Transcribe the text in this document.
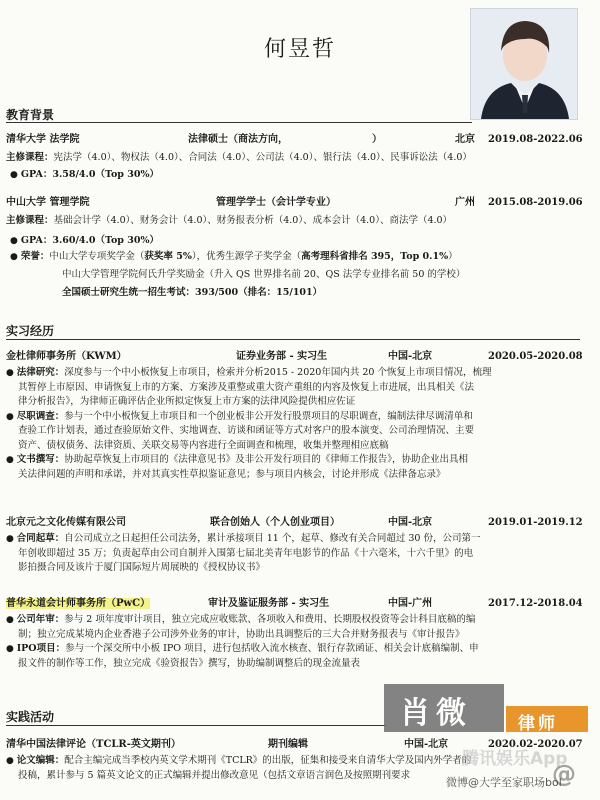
何昱哲
教育背景
清华大学 法学院	法律硕士（商法方向，	）	北京 2019.08-2022.06
主修课程：宪法学（4.0）、物权法（4.0）、合同法（4.0）、公司法（4.0）、银行法（4.0）、民事诉讼法（4.0）
● GPA：3.58/4.0（Top 30%）
中山大学 管理学院	管理学学士（会计学专业）	广州 2015.08-2019.06
主修课程：基础会计学（4.0）、财务会计（4.0）、财务报表分析（4.0）、成本会计（4.0）、商法学（4.0）
● GPA：3.60/4.0（Top 30%）
● 荣誉：中山大学专项奖学金（获奖率 5%），优秀生源学子奖学金（高考理科省排名 395，Top 0.1%）
中山大学管理学院何氏升学奖励金（升入 QS 世界排名前 20、QS 法学专业排名前 50 的学校）
全国硕士研究生统一招生考试：393/500（排名：15/101）
实习经历
金杜律师事务所（KWM）	证券业务部 - 实习生	中国-北京	2020.05-2020.08
● 法律研究：深度参与一个中小板恢复上市项目，检索并分析2015 - 2020年国内共 20 个恢复上市项目情况，梳理
其暂停上市原因、申请恢复上市的方案、方案涉及重整或重大资产重组的内容及恢复上市进展，出具相关《法
律分析报告》，为律师正确评估企业所拟定恢复上市方案的法律风险提供相应佐证
● 尽职调查：参与一个中小板恢复上市项目和一个创业板非公开发行股票项目的尽职调查，编制法律尽调清单和
查验工作计划表，通过查验原始文件、实地调查、访谈和函证等方式对客户的股本演变、公司治理情况、主要
资产、债权债务、法律资质、关联交易等内容进行全面调查和梳理，收集并整理相应底稿
● 文书撰写：协助起草恢复上市项目的《法律意见书》及非公开发行项目的《律师工作报告》，协助企业出具相
关法律问题的声明和承诺，并对其真实性草拟鉴证意见；参与项目内核会，讨论并形成《法律备忘录》
北京元之文化传媒有限公司	联合创始人（个人创业项目）	中国-北京	2019.01-2019.12
● 合同起草：自公司成立之日起担任公司法务，累计承接项目 11 个，起草、修改有关合同超过 30 份，公司第一
年创收即超过 35 万；负责起草由公司自制并入围第七届北美青年电影节的作品《十六毫米，十六千里》的电
影拍摄合同及该片于厦门国际短片周展映的《授权协议书》
普华永道会计师事务所（PwC）	审计及鉴证服务部 - 实习生	中国-广州	2017.12-2018.04
● 公司年审：参与 2 项年度审计项目，独立完成应收账款、各项收入和费用、长期股权投资等会计科目底稿的编
制；独立完成某境内企业香港子公司涉外业务的审计，协助出具调整后的三大合并财务报表与《审计报告》
● IPO项目：参与一个深交所中小板 IPO 项目，进行包括收入流水核查、银行存款函证、相关会计底稿编制、申
报文件的制作等工作，独立完成《验资报告》撰写，协助编制调整后的现金流量表
实践活动
清华中国法律评论（TCLR-英文期刊）	期刊编辑	中国-北京	2020.02-2020.07
● 论文编辑：配合主编完成当季校内英文学术期刊《TCLR》的出版，征集和接受来自清华大学及国内外学者的
投稿，累计参与 5 篇英文论文的正式编辑并提出修改意见（包括文章语言润色及按照期刊要求
肖微	律师
腾讯娱乐App
微博@大学至家职场bol
@
